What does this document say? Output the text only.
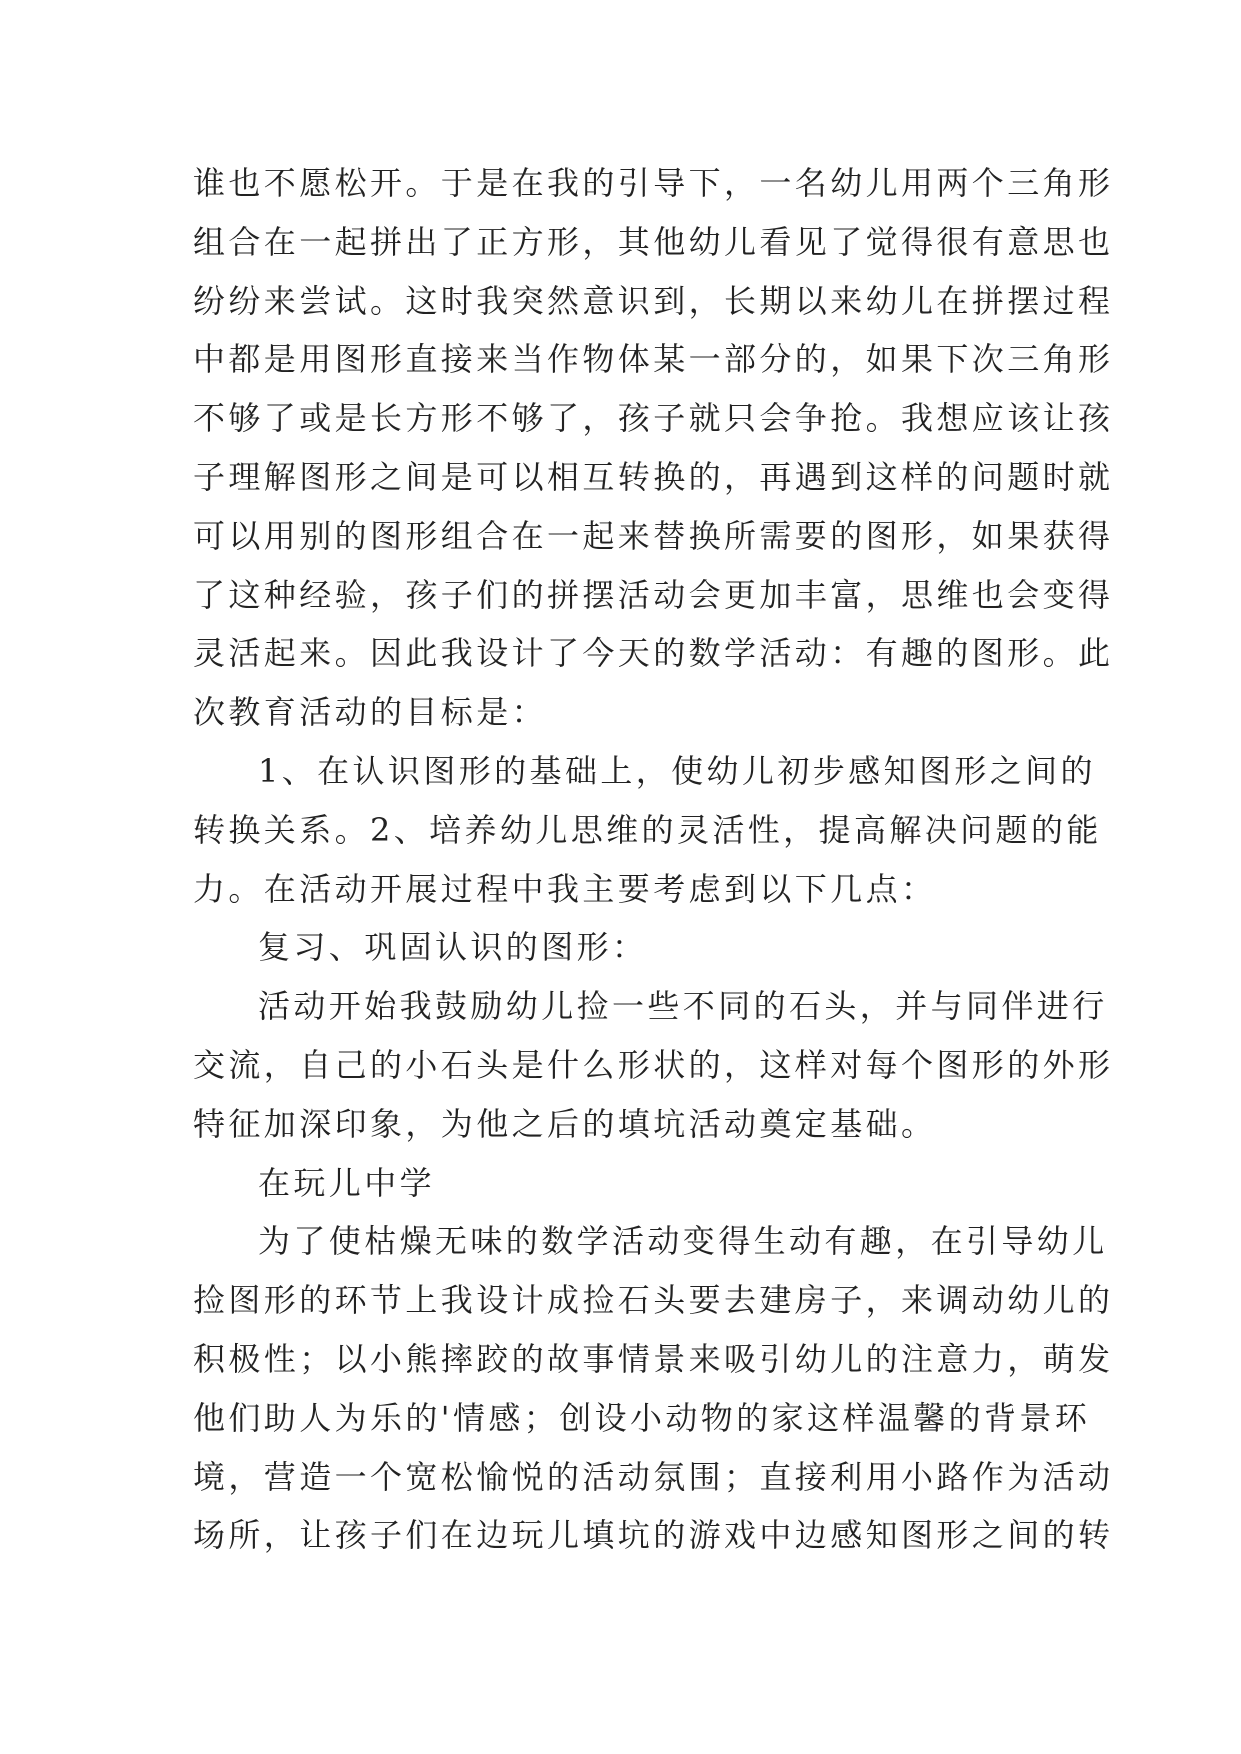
谁也不愿松开。于是在我的引导下，一名幼儿用两个三角形
组合在一起拼出了正方形，其他幼儿看见了觉得很有意思也
纷纷来尝试。这时我突然意识到，长期以来幼儿在拼摆过程
中都是用图形直接来当作物体某一部分的，如果下次三角形
不够了或是长方形不够了，孩子就只会争抢。我想应该让孩
子理解图形之间是可以相互转换的，再遇到这样的问题时就
可以用别的图形组合在一起来替换所需要的图形，如果获得
了这种经验，孩子们的拼摆活动会更加丰富，思维也会变得
灵活起来。因此我设计了今天的数学活动：有趣的图形。此
次教育活动的目标是：
1、在认识图形的基础上，使幼儿初步感知图形之间的
转换关系。2、培养幼儿思维的灵活性，提高解决问题的能
力。在活动开展过程中我主要考虑到以下几点：
复习、巩固认识的图形：
活动开始我鼓励幼儿捡一些不同的石头，并与同伴进行
交流，自己的小石头是什么形状的，这样对每个图形的外形
特征加深印象，为他之后的填坑活动奠定基础。
在玩儿中学
为了使枯燥无味的数学活动变得生动有趣，在引导幼儿
捡图形的环节上我设计成捡石头要去建房子，来调动幼儿的
积极性；以小熊摔跤的故事情景来吸引幼儿的注意力，萌发
他们助人为乐的'情感；创设小动物的家这样温馨的背景环
境，营造一个宽松愉悦的活动氛围；直接利用小路作为活动
场所，让孩子们在边玩儿填坑的游戏中边感知图形之间的转
